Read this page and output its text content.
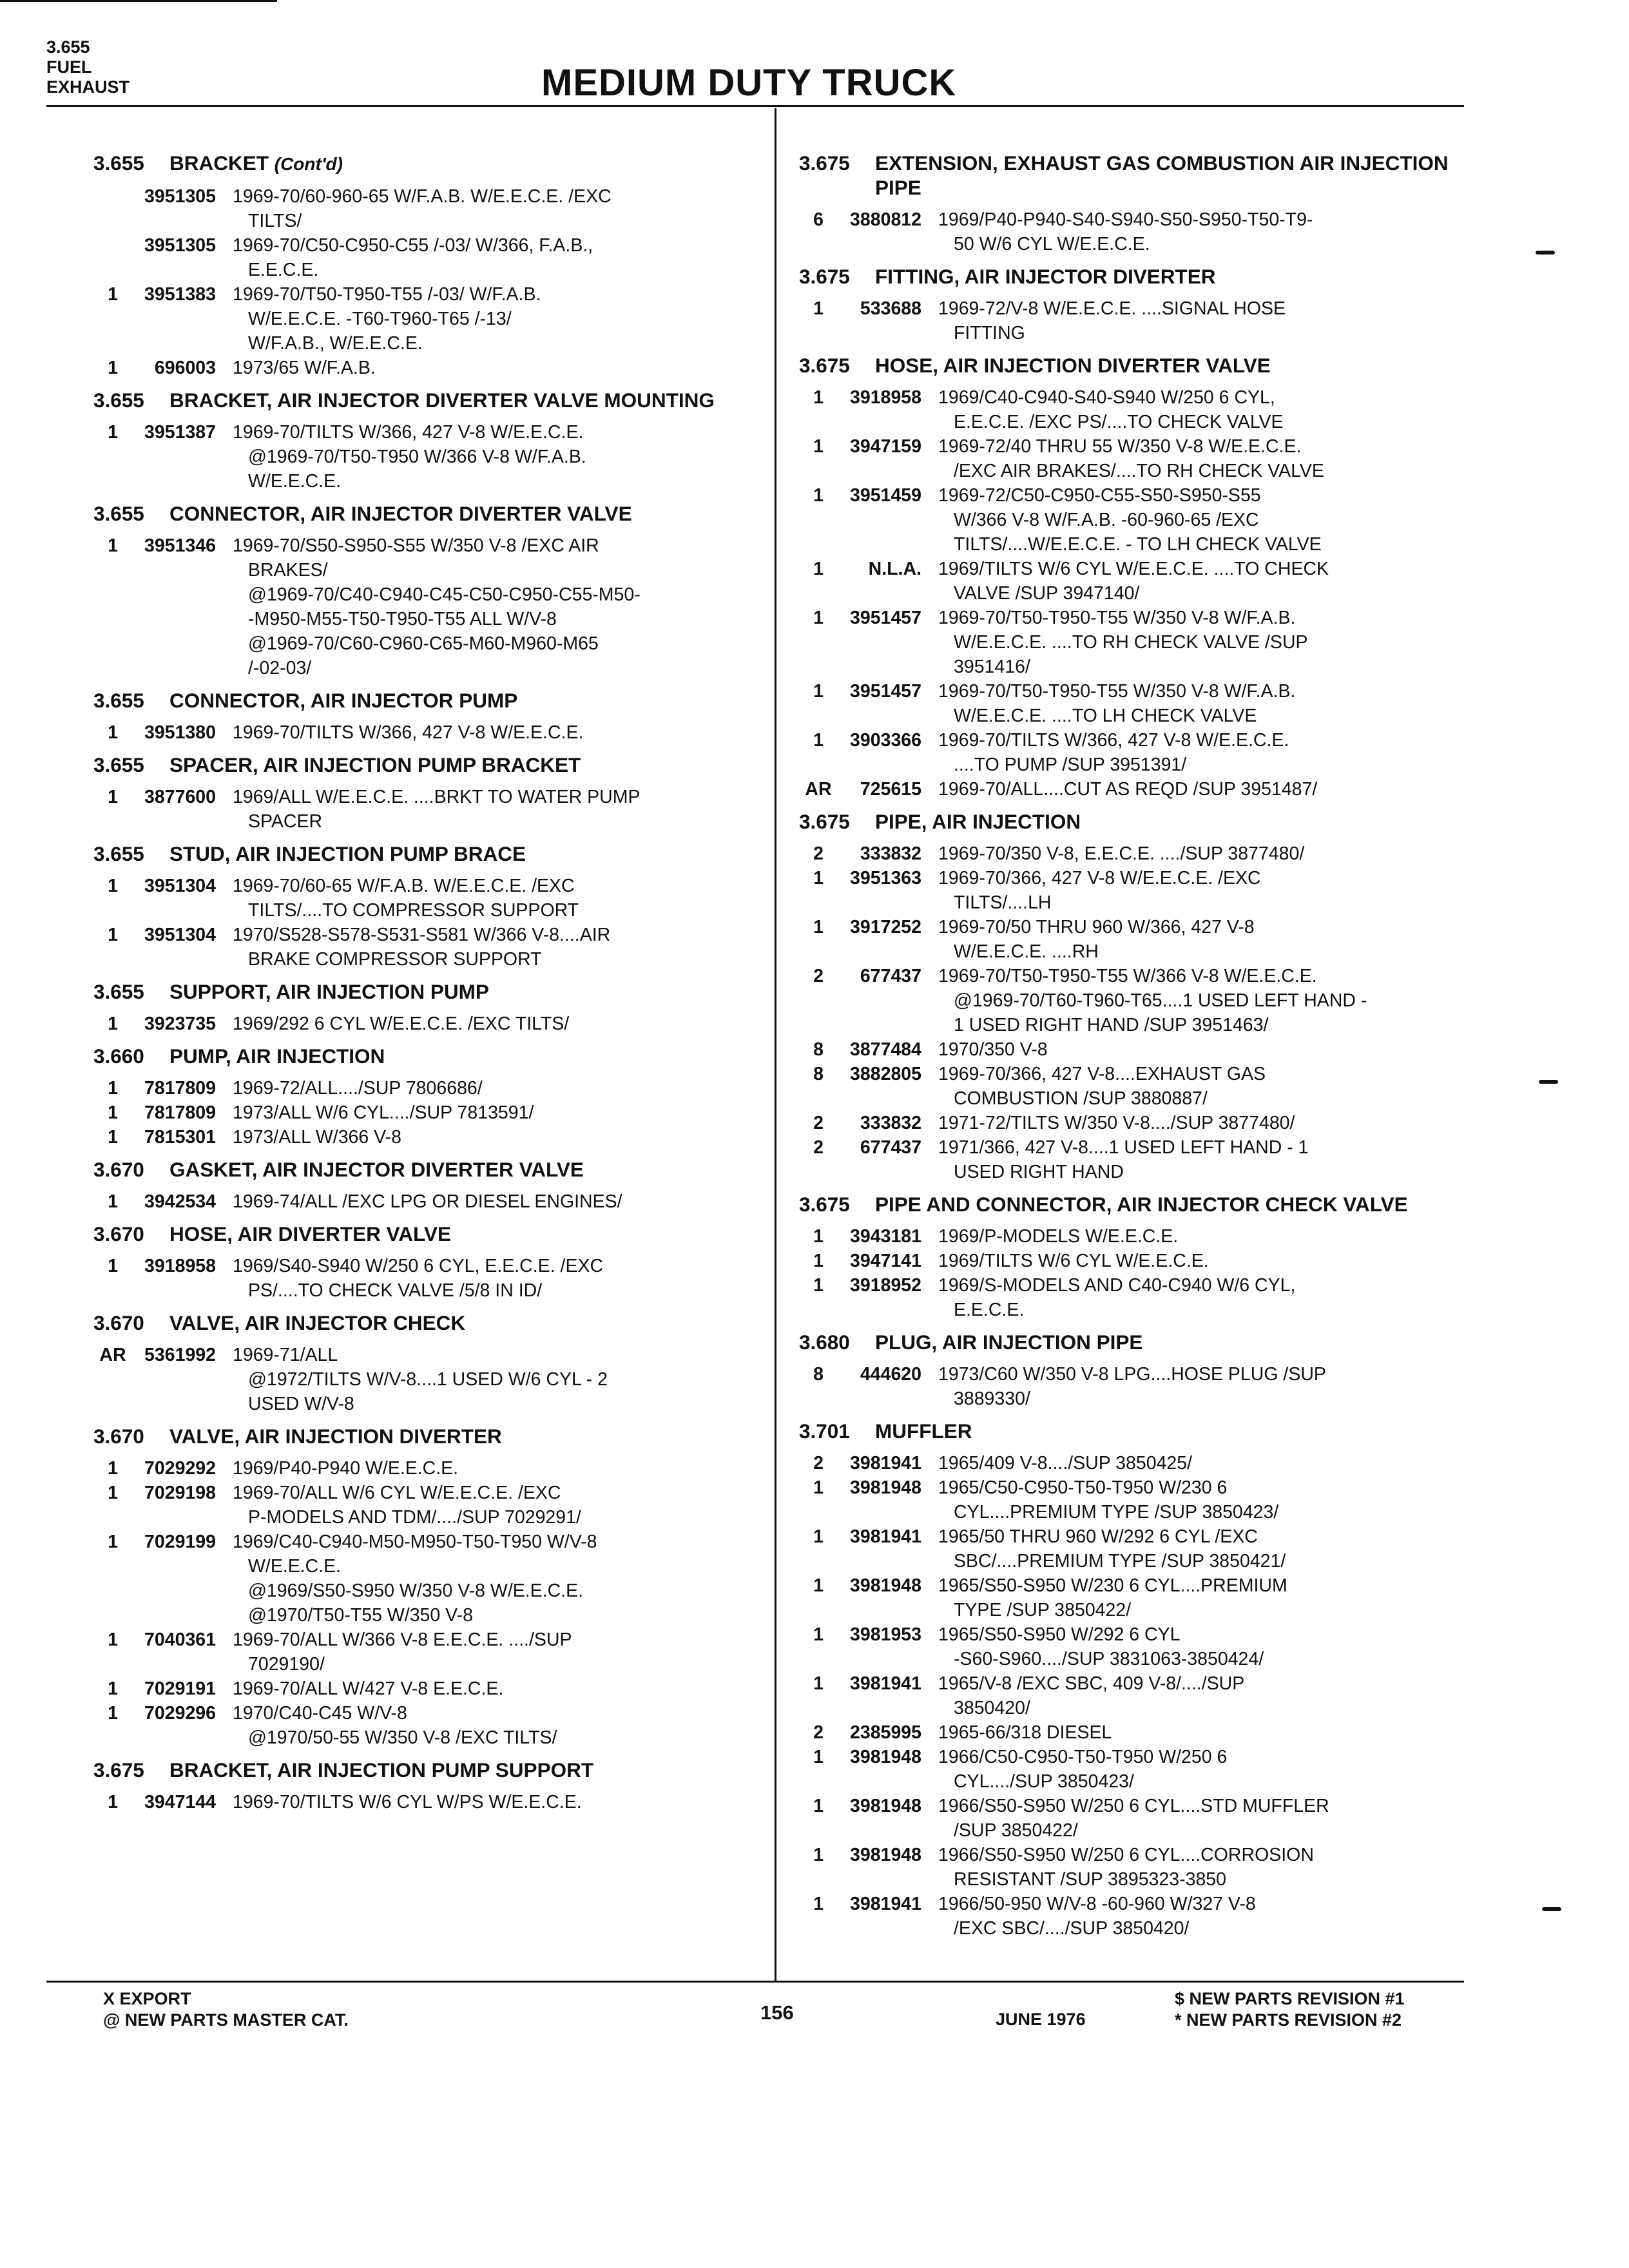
3.655
FUEL
EXHAUST	MEDIUM DUTY TRUCK
3.655	BRACKET (Cont'd)
3951305 1969-70/60-960-65 W/F.A.B. W/E.E.C.E. /EXC
TILTS/
3951305 1969-70/C50-C950-C55 /-03/ W/366, F.A.B.,
E.E.C.E.
1	3951383 1969-70/T50-T950-T55 /-03/ W/F.A.B.
W/E.E.C.E. -T60-T960-T65 /-13/
W/F.A.B., W/E.E.C.E.
1	696003 1973/65 W/F.A.B.
3.655	BRACKET, AIR INJECTOR DIVERTER VALVE MOUNTING
1	3951387 1969-70/TILTS W/366, 427 V-8 W/E.E.C.E.
@1969-70/T50-T950 W/366 V-8 W/F.A.B.
W/E.E.C.E.
3.655	CONNECTOR, AIR INJECTOR DIVERTER VALVE
1	3951346 1969-70/S50-S950-S55 W/350 V-8 /EXC AIR
BRAKES/
@1969-70/C40-C940-C45-C50-C950-C55-M50-
-M950-M55-T50-T950-T55 ALL W/V-8
@1969-70/C60-C960-C65-M60-M960-M65
/-02-03/
3.655	CONNECTOR, AIR INJECTOR PUMP
1	3951380 1969-70/TILTS W/366, 427 V-8 W/E.E.C.E.
3.655	SPACER, AIR INJECTION PUMP BRACKET
1	3877600 1969/ALL W/E.E.C.E. ....BRKT TO WATER PUMP
SPACER
3.655	STUD, AIR INJECTION PUMP BRACE
1	3951304 1969-70/60-65 W/F.A.B. W/E.E.C.E. /EXC
TILTS/....TO COMPRESSOR SUPPORT
1	3951304 1970/S528-S578-S531-S581 W/366 V-8....AIR
BRAKE COMPRESSOR SUPPORT
3.655	SUPPORT, AIR INJECTION PUMP
1	3923735 1969/292 6 CYL W/E.E.C.E. /EXC TILTS/
3.660	PUMP, AIR INJECTION
1	7817809 1969-72/ALL..../SUP 7806686/
1	7817809 1973/ALL W/6 CYL..../SUP 7813591/
1	7815301 1973/ALL W/366 V-8
3.670	GASKET, AIR INJECTOR DIVERTER VALVE
1	3942534 1969-74/ALL /EXC LPG OR DIESEL ENGINES/
3.670	HOSE, AIR DIVERTER VALVE
1	3918958 1969/S40-S940 W/250 6 CYL, E.E.C.E. /EXC
PS/....TO CHECK VALVE /5/8 IN ID/
3.670	VALVE, AIR INJECTOR CHECK
AR 5361992 1969-71/ALL
@1972/TILTS W/V-8....1 USED W/6 CYL - 2
USED W/V-8
3.670	VALVE, AIR INJECTION DIVERTER
1	7029292 1969/P40-P940 W/E.E.C.E.
1	7029198 1969-70/ALL W/6 CYL W/E.E.C.E. /EXC
P-MODELS AND TDM/..../SUP 7029291/
1	7029199 1969/C40-C940-M50-M950-T50-T950 W/V-8
W/E.E.C.E.
@1969/S50-S950 W/350 V-8 W/E.E.C.E.
@1970/T50-T55 W/350 V-8
1	7040361 1969-70/ALL W/366 V-8 E.E.C.E. ..../SUP
7029190/
1	7029191 1969-70/ALL W/427 V-8 E.E.C.E.
1	7029296 1970/C40-C45 W/V-8
@1970/50-55 W/350 V-8 /EXC TILTS/
3.675	BRACKET, AIR INJECTION PUMP SUPPORT
1	3947144 1969-70/TILTS W/6 CYL W/PS W/E.E.C.E.
3.675	EXTENSION, EXHAUST GAS COMBUSTION AIR INJECTION PIPE
6	3880812 1969/P40-P940-S40-S940-S50-S950-T50-T9-
50 W/6 CYL W/E.E.C.E.
3.675	FITTING, AIR INJECTOR DIVERTER
1	533688 1969-72/V-8 W/E.E.C.E. ....SIGNAL HOSE
FITTING
3.675	HOSE, AIR INJECTION DIVERTER VALVE
1	3918958 1969/C40-C940-S40-S940 W/250 6 CYL,
E.E.C.E. /EXC PS/....TO CHECK VALVE
1	3947159 1969-72/40 THRU 55 W/350 V-8 W/E.E.C.E.
/EXC AIR BRAKES/....TO RH CHECK VALVE
1	3951459 1969-72/C50-C950-C55-S50-S950-S55
W/366 V-8 W/F.A.B. -60-960-65 /EXC
TILTS/....W/E.E.C.E. - TO LH CHECK VALVE
1	N.L.A. 1969/TILTS W/6 CYL W/E.E.C.E. ....TO CHECK
VALVE /SUP 3947140/
1	3951457 1969-70/T50-T950-T55 W/350 V-8 W/F.A.B.
W/E.E.C.E. ....TO RH CHECK VALVE /SUP
3951416/
1	3951457 1969-70/T50-T950-T55 W/350 V-8 W/F.A.B.
W/E.E.C.E. ....TO LH CHECK VALVE
1	3903366 1969-70/TILTS W/366, 427 V-8 W/E.E.C.E.
....TO PUMP /SUP 3951391/
AR	725615 1969-70/ALL....CUT AS REQD /SUP 3951487/
3.675	PIPE, AIR INJECTION
2	333832 1969-70/350 V-8, E.E.C.E. ..../SUP 3877480/
1	3951363 1969-70/366, 427 V-8 W/E.E.C.E. /EXC
TILTS/....LH
1	3917252 1969-70/50 THRU 960 W/366, 427 V-8
W/E.E.C.E. ....RH
2	677437 1969-70/T50-T950-T55 W/366 V-8 W/E.E.C.E.
@1969-70/T60-T960-T65....1 USED LEFT HAND -
1 USED RIGHT HAND /SUP 3951463/
8	3877484 1970/350 V-8
8	3882805 1969-70/366, 427 V-8....EXHAUST GAS
COMBUSTION /SUP 3880887/
2	333832 1971-72/TILTS W/350 V-8..../SUP 3877480/
2	677437 1971/366, 427 V-8....1 USED LEFT HAND - 1
USED RIGHT HAND
3.675	PIPE AND CONNECTOR, AIR INJECTOR CHECK VALVE
1	3943181 1969/P-MODELS W/E.E.C.E.
1	3947141 1969/TILTS W/6 CYL W/E.E.C.E.
1	3918952 1969/S-MODELS AND C40-C940 W/6 CYL,
E.E.C.E.
3.680	PLUG, AIR INJECTION PIPE
8	444620 1973/C60 W/350 V-8 LPG....HOSE PLUG /SUP
3889330/
3.701	MUFFLER
2	3981941 1965/409 V-8..../SUP 3850425/
1	3981948 1965/C50-C950-T50-T950 W/230 6
CYL....PREMIUM TYPE /SUP 3850423/
1	3981941 1965/50 THRU 960 W/292 6 CYL /EXC
SBC/....PREMIUM TYPE /SUP 3850421/
1	3981948 1965/S50-S950 W/230 6 CYL....PREMIUM
TYPE /SUP 3850422/
1	3981953 1965/S50-S950 W/292 6 CYL
-S60-S960..../SUP 3831063-3850424/
1	3981941 1965/V-8 /EXC SBC, 409 V-8/..../SUP
3850420/
2	2385995 1965-66/318 DIESEL
1	3981948 1966/C50-C950-T50-T950 W/250 6
CYL..../SUP 3850423/
1	3981948 1966/S50-S950 W/250 6 CYL....STD MUFFLER
/SUP 3850422/
1	3981948 1966/S50-S950 W/250 6 CYL....CORROSION
RESISTANT /SUP 3895323-3850
1	3981941 1966/50-950 W/V-8 -60-960 W/327 V-8
/EXC SBC/..../SUP 3850420/
X EXPORT
@ NEW PARTS MASTER CAT.	156	JUNE 1976
$ NEW PARTS REVISION #1
* NEW PARTS REVISION #2
